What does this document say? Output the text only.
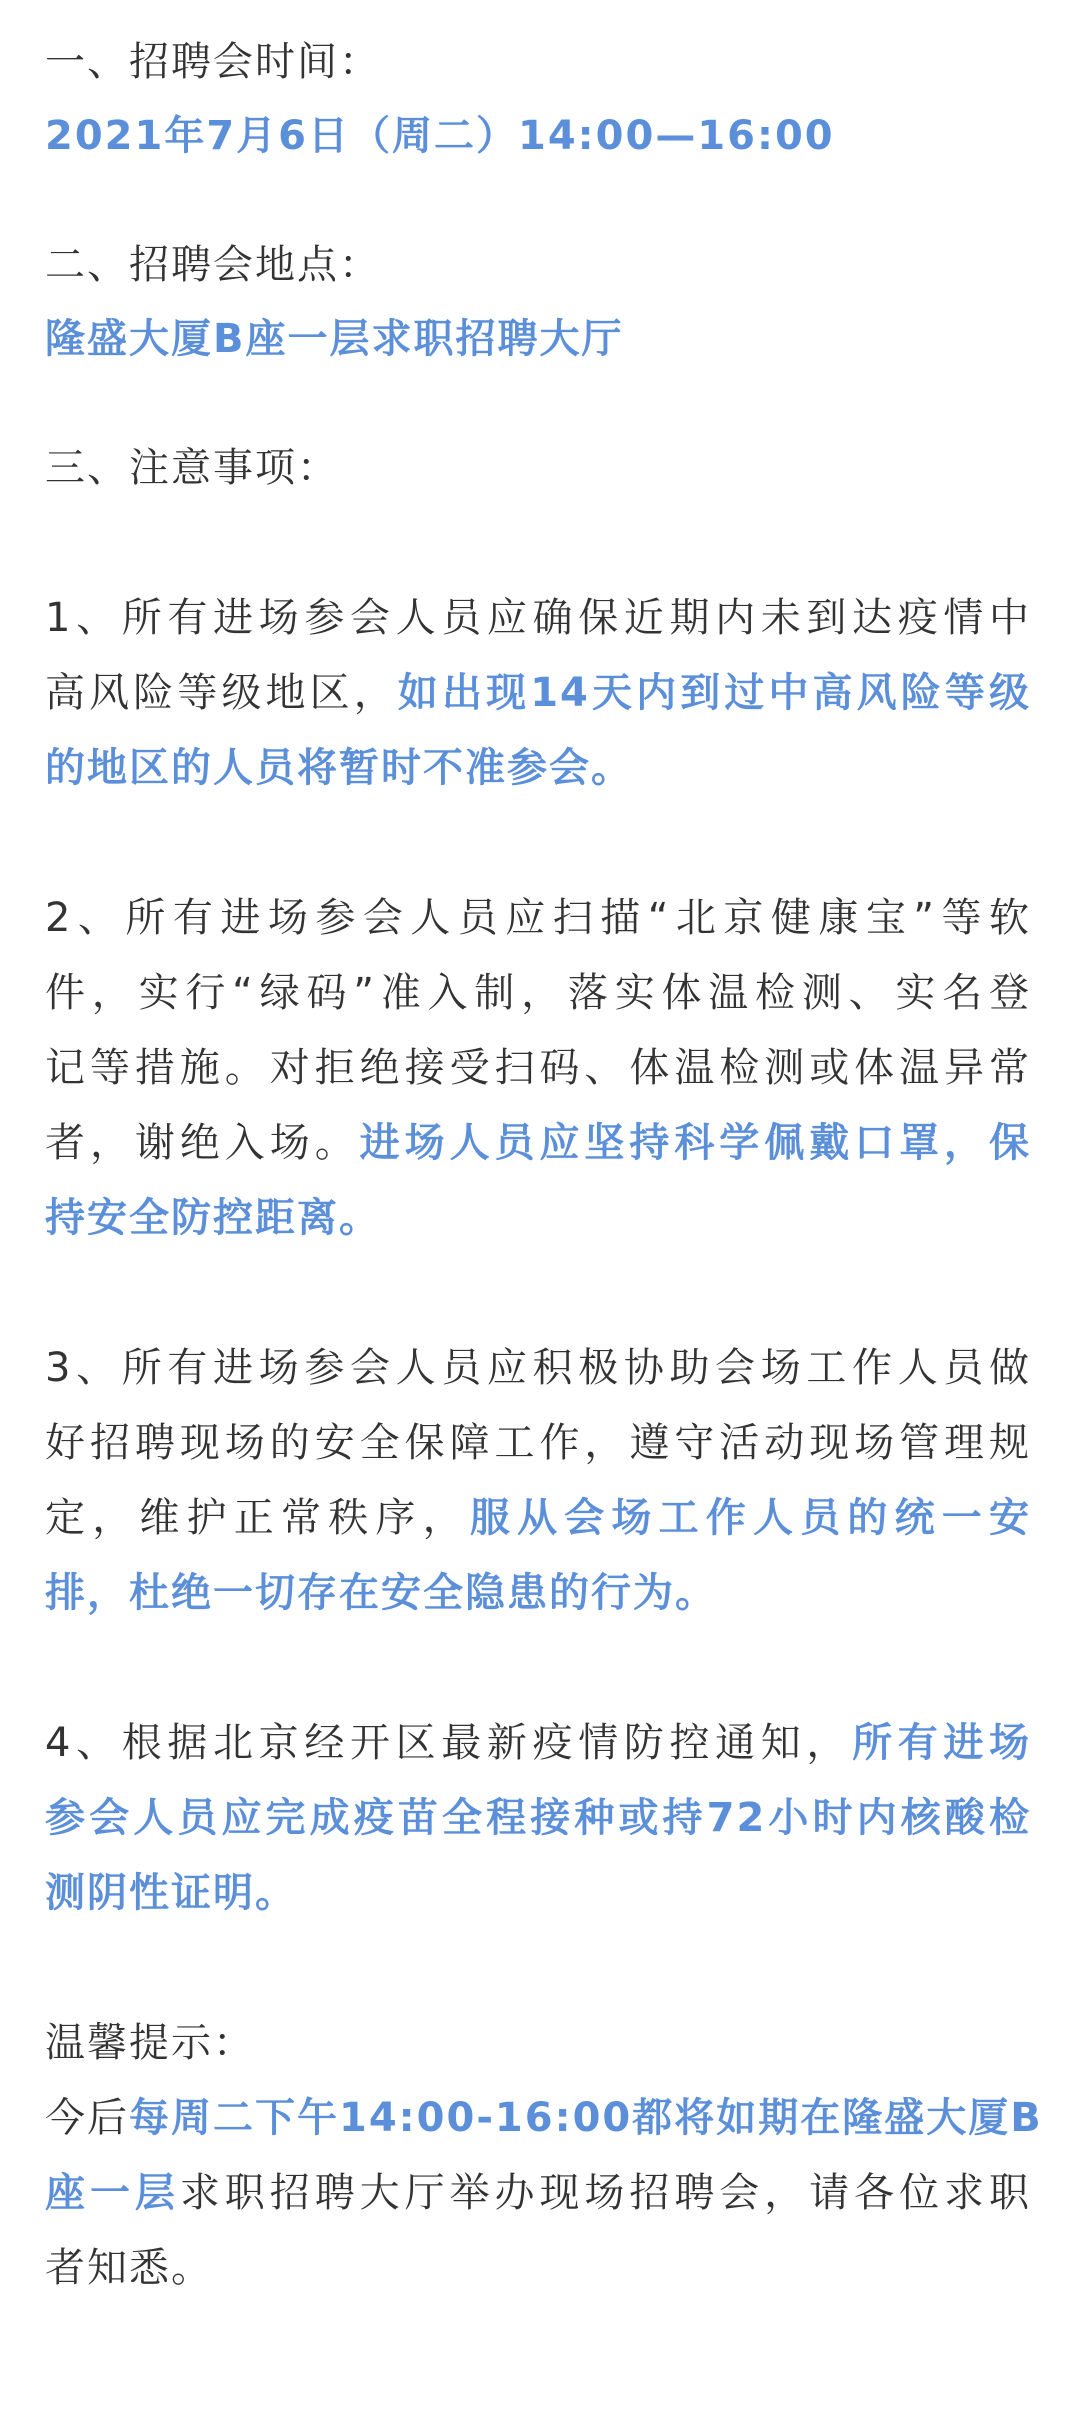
一、招聘会时间：

2021年7月6日（周二）14:00—16:00

二、招聘会地点：

隆盛大厦B座一层求职招聘大厅

三、注意事项：

1、所有进场参会人员应确保近期内未到达疫情中

高风险等级地区，如出现14天内到过中高风险等级

的地区的人员将暂时不准参会。

2、所有进场参会人员应扫描“北京健康宝”等软

件，实行“绿码”准入制，落实体温检测、实名登

记等措施。对拒绝接受扫码、体温检测或体温异常

者，谢绝入场。进场人员应坚持科学佩戴口罩，保

持安全防控距离。

3、所有进场参会人员应积极协助会场工作人员做

好招聘现场的安全保障工作，遵守活动现场管理规

定，维护正常秩序，服从会场工作人员的统一安

排，杜绝一切存在安全隐患的行为。

4、根据北京经开区最新疫情防控通知，所有进场

参会人员应完成疫苗全程接种或持72小时内核酸检

测阴性证明。

温馨提示：

今后每周二下午14:00-16:00都将如期在隆盛大厦B

座一层求职招聘大厅举办现场招聘会，请各位求职

者知悉。
